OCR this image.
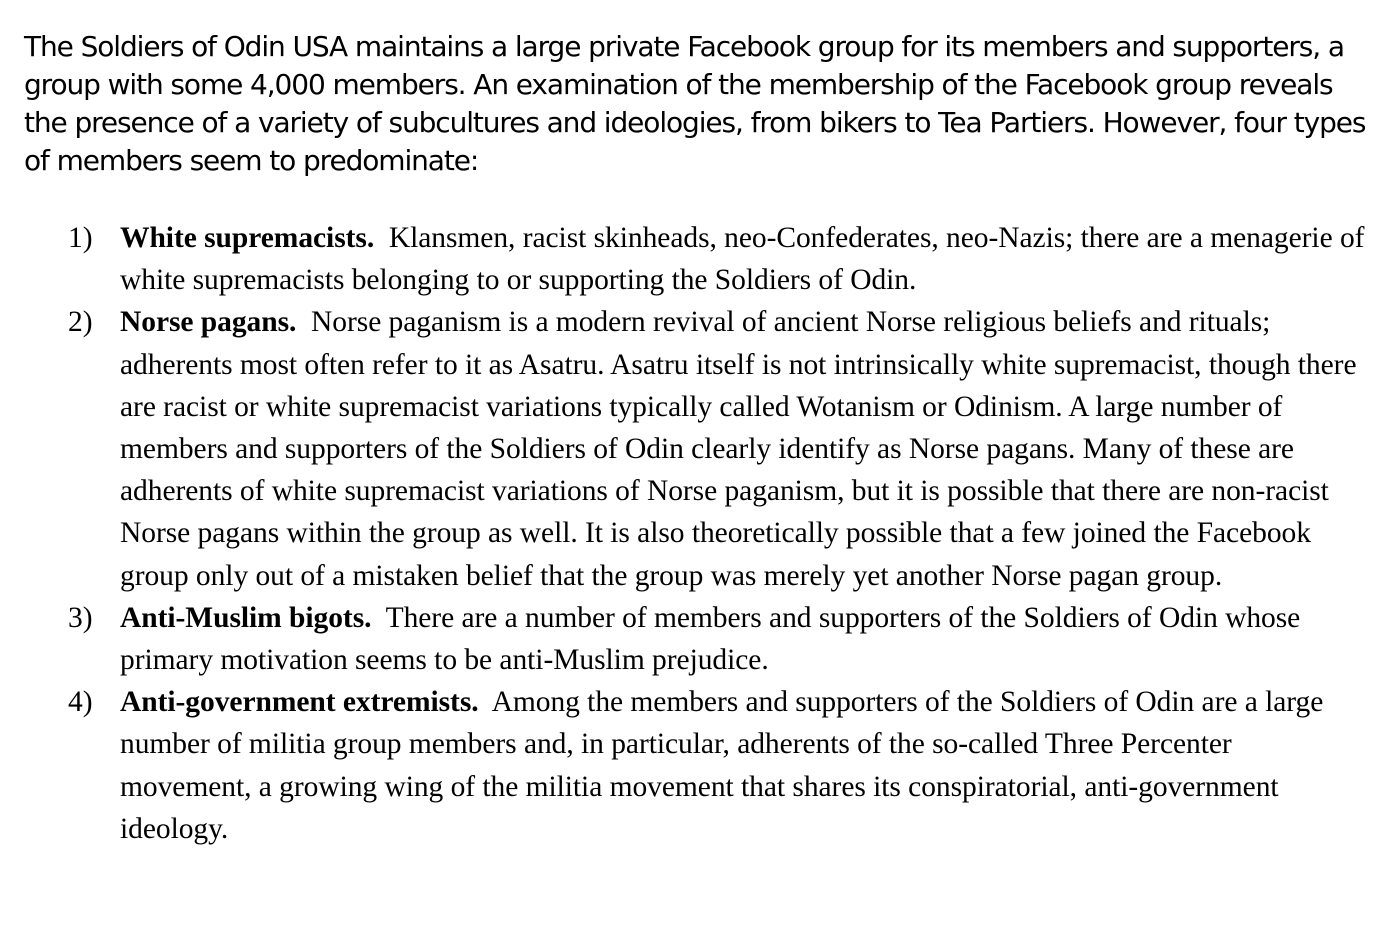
The Soldiers of Odin USA maintains a large private Facebook group for its members and supporters, a group with some 4,000 members. An examination of the membership of the Facebook group reveals the presence of a variety of subcultures and ideologies, from bikers to Tea Partiers. However, four types of members seem to predominate:

1) White supremacists. Klansmen, racist skinheads, neo-Confederates, neo-Nazis; there are a menagerie of white supremacists belonging to or supporting the Soldiers of Odin.
2) Norse pagans. Norse paganism is a modern revival of ancient Norse religious beliefs and rituals; adherents most often refer to it as Asatru. Asatru itself is not intrinsically white supremacist, though there are racist or white supremacist variations typically called Wotanism or Odinism. A large number of members and supporters of the Soldiers of Odin clearly identify as Norse pagans. Many of these are adherents of white supremacist variations of Norse paganism, but it is possible that there are non-racist Norse pagans within the group as well. It is also theoretically possible that a few joined the Facebook group only out of a mistaken belief that the group was merely yet another Norse pagan group.
3) Anti-Muslim bigots. There are a number of members and supporters of the Soldiers of Odin whose primary motivation seems to be anti-Muslim prejudice.
4) Anti-government extremists. Among the members and supporters of the Soldiers of Odin are a large number of militia group members and, in particular, adherents of the so-called Three Percenter movement, a growing wing of the militia movement that shares its conspiratorial, anti-government ideology.
